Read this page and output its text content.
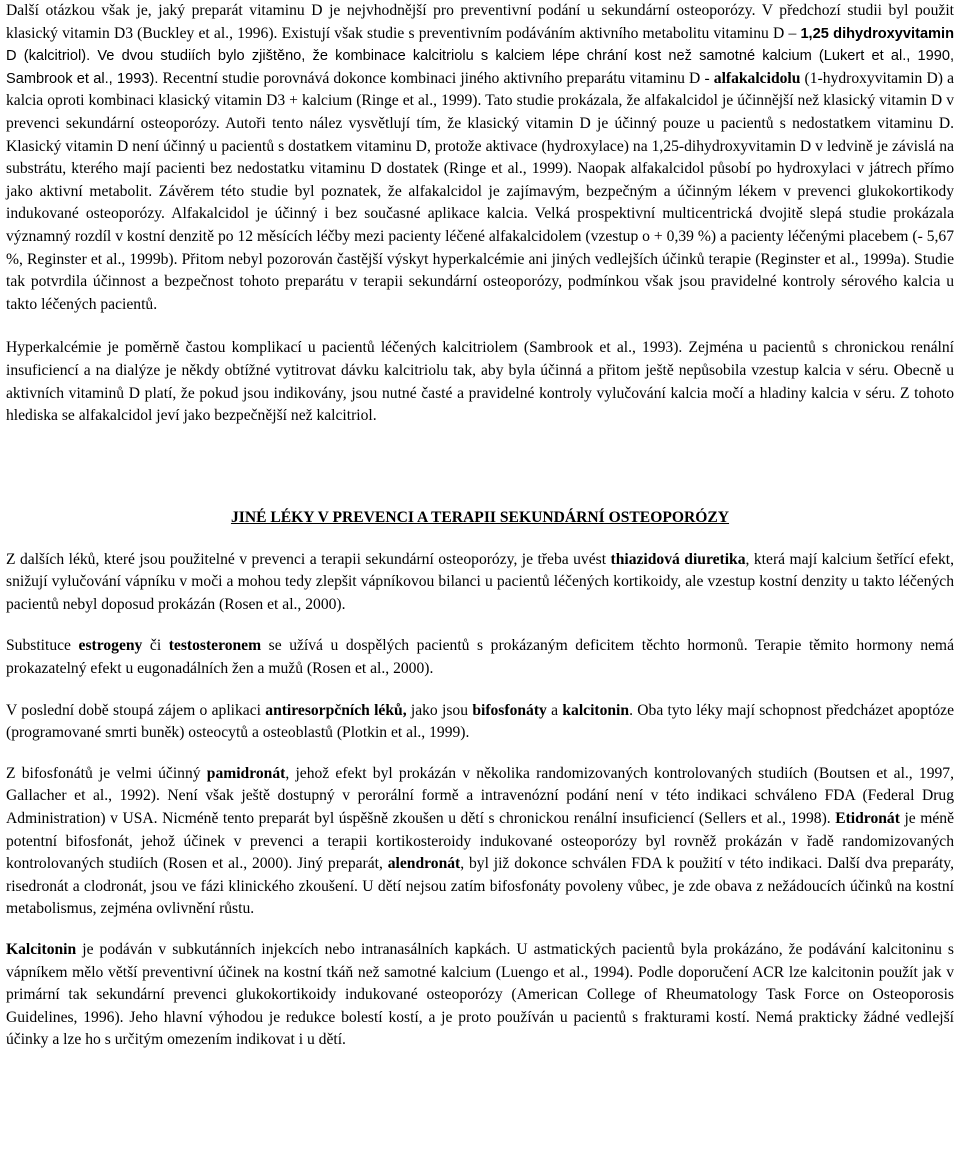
Další otázkou však je, jaký preparát vitaminu D je nejvhodnější pro preventivní podání u sekundární osteoporózy. V předchozí studii byl použit klasický vitamin D3 (Buckley et al., 1996). Existují však studie s preventivním podáváním aktivního metabolitu vitaminu D – 1,25 dihydroxyvitamin D (kalcitriol). Ve dvou studiích bylo zjištěno, že kombinace kalcitriolu s kalciem lépe chrání kost než samotné kalcium (Lukert et al., 1990, Sambrook et al., 1993). Recentní studie porovnává dokonce kombinaci jiného aktivního preparátu vitaminu D - alfakalcidolu (1-hydroxyvitamin D) a kalcia oproti kombinaci klasický vitamin D3 + kalcium (Ringe et al., 1999). Tato studie prokázala, že alfakalcidol je účinnější než klasický vitamin D v prevenci sekundární osteoporózy. Autoři tento nález vysvětlují tím, že klasický vitamin D je účinný pouze u pacientů s nedostatkem vitaminu D. Klasický vitamin D není účinný u pacientů s dostatkem vitaminu D, protože aktivace (hydroxylace) na 1,25-dihydroxyvitamin D v ledvině je závislá na substrátu, kterého mají pacienti bez nedostatku vitaminu D dostatek (Ringe et al., 1999). Naopak alfakalcidol působí po hydroxylaci v játrech přímo jako aktivní metabolit. Závěrem této studie byl poznatek, že alfakalcidol je zajímavým, bezpečným a účinným lékem v prevenci glukokortikody indukované osteoporózy. Alfakalcidol je účinný i bez současné aplikace kalcia. Velká prospektivní multicentrická dvojitě slepá studie prokázala významný rozdíl v kostní denzitě po 12 měsících léčby mezi pacienty léčené alfakalcidolem (vzestup o + 0,39 %) a pacienty léčenými placebem (- 5,67 %, Reginster et al., 1999b). Přitom nebyl pozorován častější výskyt hyperkalcémie ani jiných vedlejších účinků terapie (Reginster et al., 1999a). Studie tak potvrdila účinnost a bezpečnost tohoto preparátu v terapii sekundární osteoporózy, podmínkou však jsou pravidelné kontroly sérového kalcia u takto léčených pacientů.

Hyperkalcémie je poměrně častou komplikací u pacientů léčených kalcitriolem (Sambrook et al., 1993). Zejména u pacientů s chronickou renální insuficiencí a na dialýze je někdy obtížné vytitrovat dávku kalcitriolu tak, aby byla účinná a přitom ještě nepůsobila vzestup kalcia v séru. Obecně u aktivních vitaminů D platí, že pokud jsou indikovány, jsou nutné časté a pravidelné kontroly vylučování kalcia močí a hladiny kalcia v séru. Z tohoto hlediska se alfakalcidol jeví jako bezpečnější než kalcitriol.

JINÉ LÉKY V PREVENCI A TERAPII SEKUNDÁRNÍ OSTEOPORÓZY

Z dalších léků, které jsou použitelné v prevenci a terapii sekundární osteoporózy, je třeba uvést thiazidová diuretika, která mají kalcium šetřící efekt, snižují vylučování vápníku v moči a mohou tedy zlepšit vápníkovou bilanci u pacientů léčených kortikoidy, ale vzestup kostní denzity u takto léčených pacientů nebyl doposud prokázán (Rosen et al., 2000).

Substituce estrogeny či testosteronem se užívá u dospělých pacientů s prokázaným deficitem těchto hormonů. Terapie těmito hormony nemá prokazatelný efekt u eugonadálních žen a mužů (Rosen et al., 2000).

V poslední době stoupá zájem o aplikaci antiresorpčních léků, jako jsou bifosfonáty a kalcitonin. Oba tyto léky mají schopnost předcházet apoptóze (programované smrti buněk) osteocytů a osteoblastů (Plotkin et al., 1999).

Z bifosfonátů je velmi účinný pamidronát, jehož efekt byl prokázán v několika randomizovaných kontrolovaných studiích (Boutsen et al., 1997, Gallacher et al., 1992). Není však ještě dostupný v perorální formě a intravenózní podání není v této indikaci schváleno FDA (Federal Drug Administration) v USA. Nicméně tento preparát byl úspěšně zkoušen u dětí s chronickou renální insuficiencí (Sellers et al., 1998). Etidronát je méně potentní bifosfonát, jehož účinek v prevenci a terapii kortikosteroidy indukované osteoporózy byl rovněž prokázán v řadě randomizovaných kontrolovaných studiích (Rosen et al., 2000). Jiný preparát, alendronát, byl již dokonce schválen FDA k použití v této indikaci. Další dva preparáty, risedronát a clodronát, jsou ve fázi klinického zkoušení. U dětí nejsou zatím bifosfonáty povoleny vůbec, je zde obava z nežádoucích účinků na kostní metabolismus, zejména ovlivnění růstu.

Kalcitonin je podáván v subkutánních injekcích nebo intranasálních kapkách. U astmatických pacientů byla prokázáno, že podávání kalcitoninu s vápníkem mělo větší preventivní účinek na kostní tkáň než samotné kalcium (Luengo et al., 1994). Podle doporučení ACR lze kalcitonin použít jak v primární tak sekundární prevenci glukokortikoidy indukované osteoporózy (American College of Rheumatology Task Force on Osteoporosis Guidelines, 1996). Jeho hlavní výhodou je redukce bolestí kostí, a je proto používán u pacientů s frakturami kostí. Nemá prakticky žádné vedlejší účinky a lze ho s určitým omezením indikovat i u dětí.
